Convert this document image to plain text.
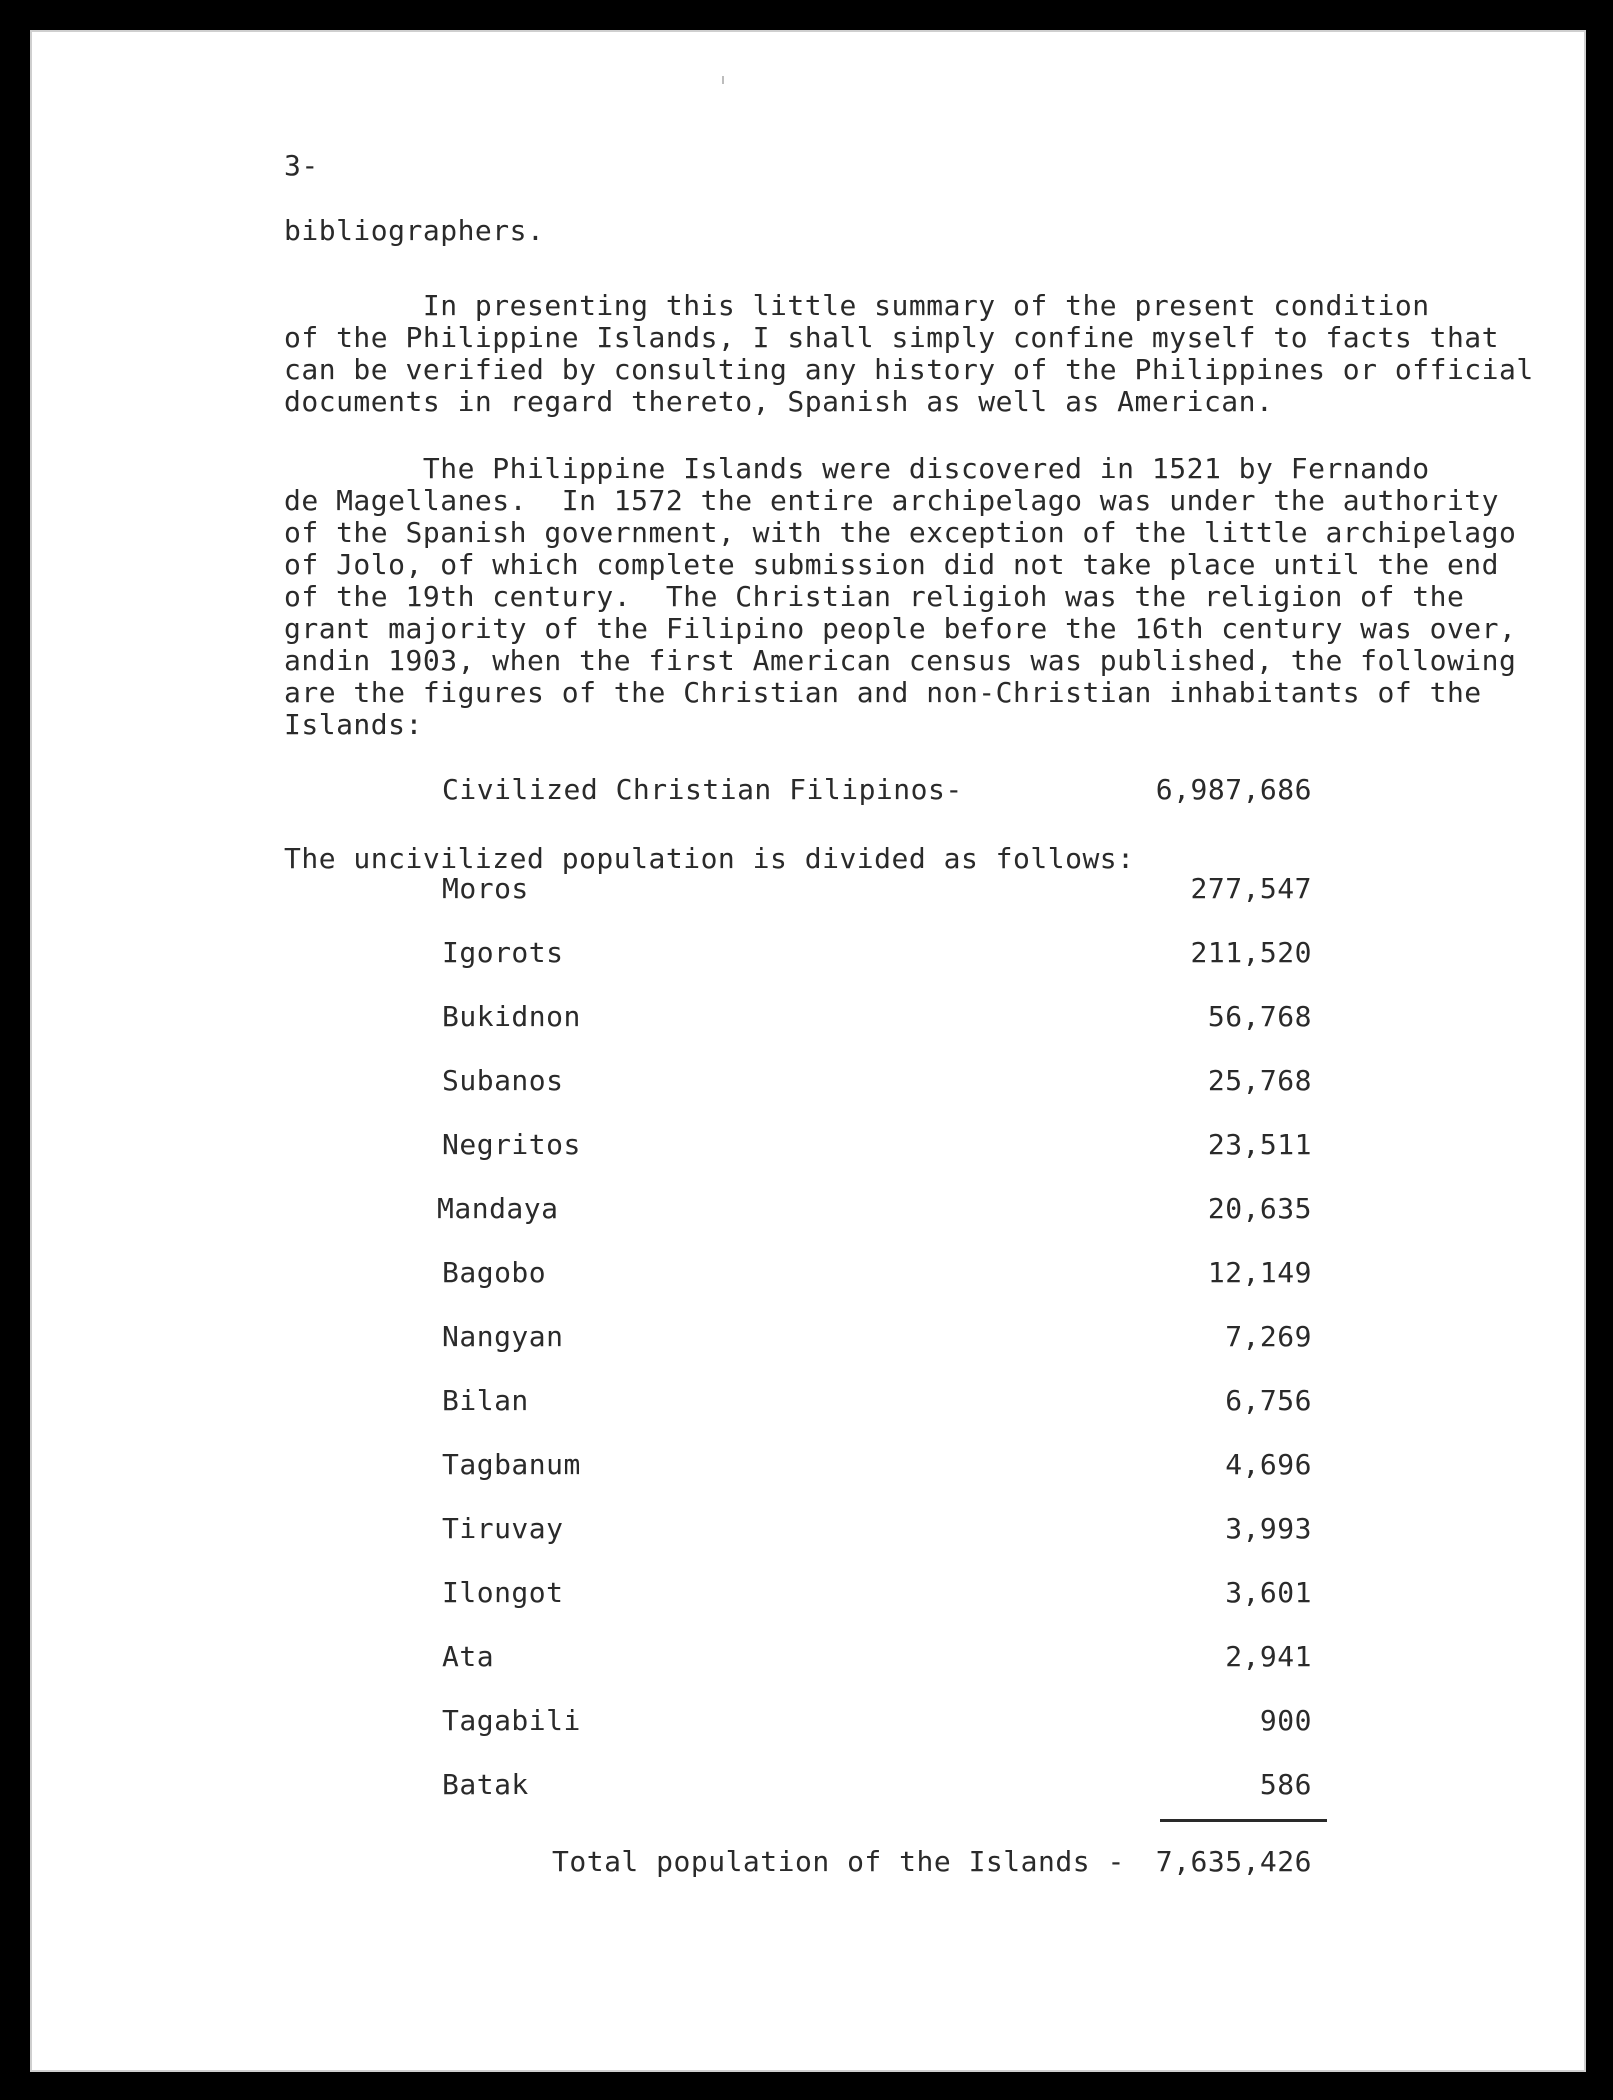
3-
bibliographers.
In presenting this little summary of the present condition
of the Philippine Islands, I shall simply confine myself to facts that
can be verified by consulting any history of the Philippines or official
documents in regard thereto, Spanish as well as American.
The Philippine Islands were discovered in 1521 by Fernando
de Magellanes.  In 1572 the entire archipelago was under the authority
of the Spanish government, with the exception of the little archipelago
of Jolo, of which complete submission did not take place until the end
of the 19th century.  The Christian religioh was the religion of the
grant majority of the Filipino people before the 16th century was over,
andin 1903, when the first American census was published, the following
are the figures of the Christian and non-Christian inhabitants of the
Islands:
Civilized Christian Filipinos-	6,987,686
The uncivilized population is divided as follows:
Moros	277,547
Igorots	211,520
Bukidnon	56,768
Subanos	25,768
Negritos	23,511
Mandaya	20,635
Bagobo	12,149
Nangyan	7,269
Bilan	6,756
Tagbanum	4,696
Tiruvay	3,993
Ilongot	3,601
Ata	2,941
Tagabili	900
Batak	586
Total population of the Islands -	7,635,426
